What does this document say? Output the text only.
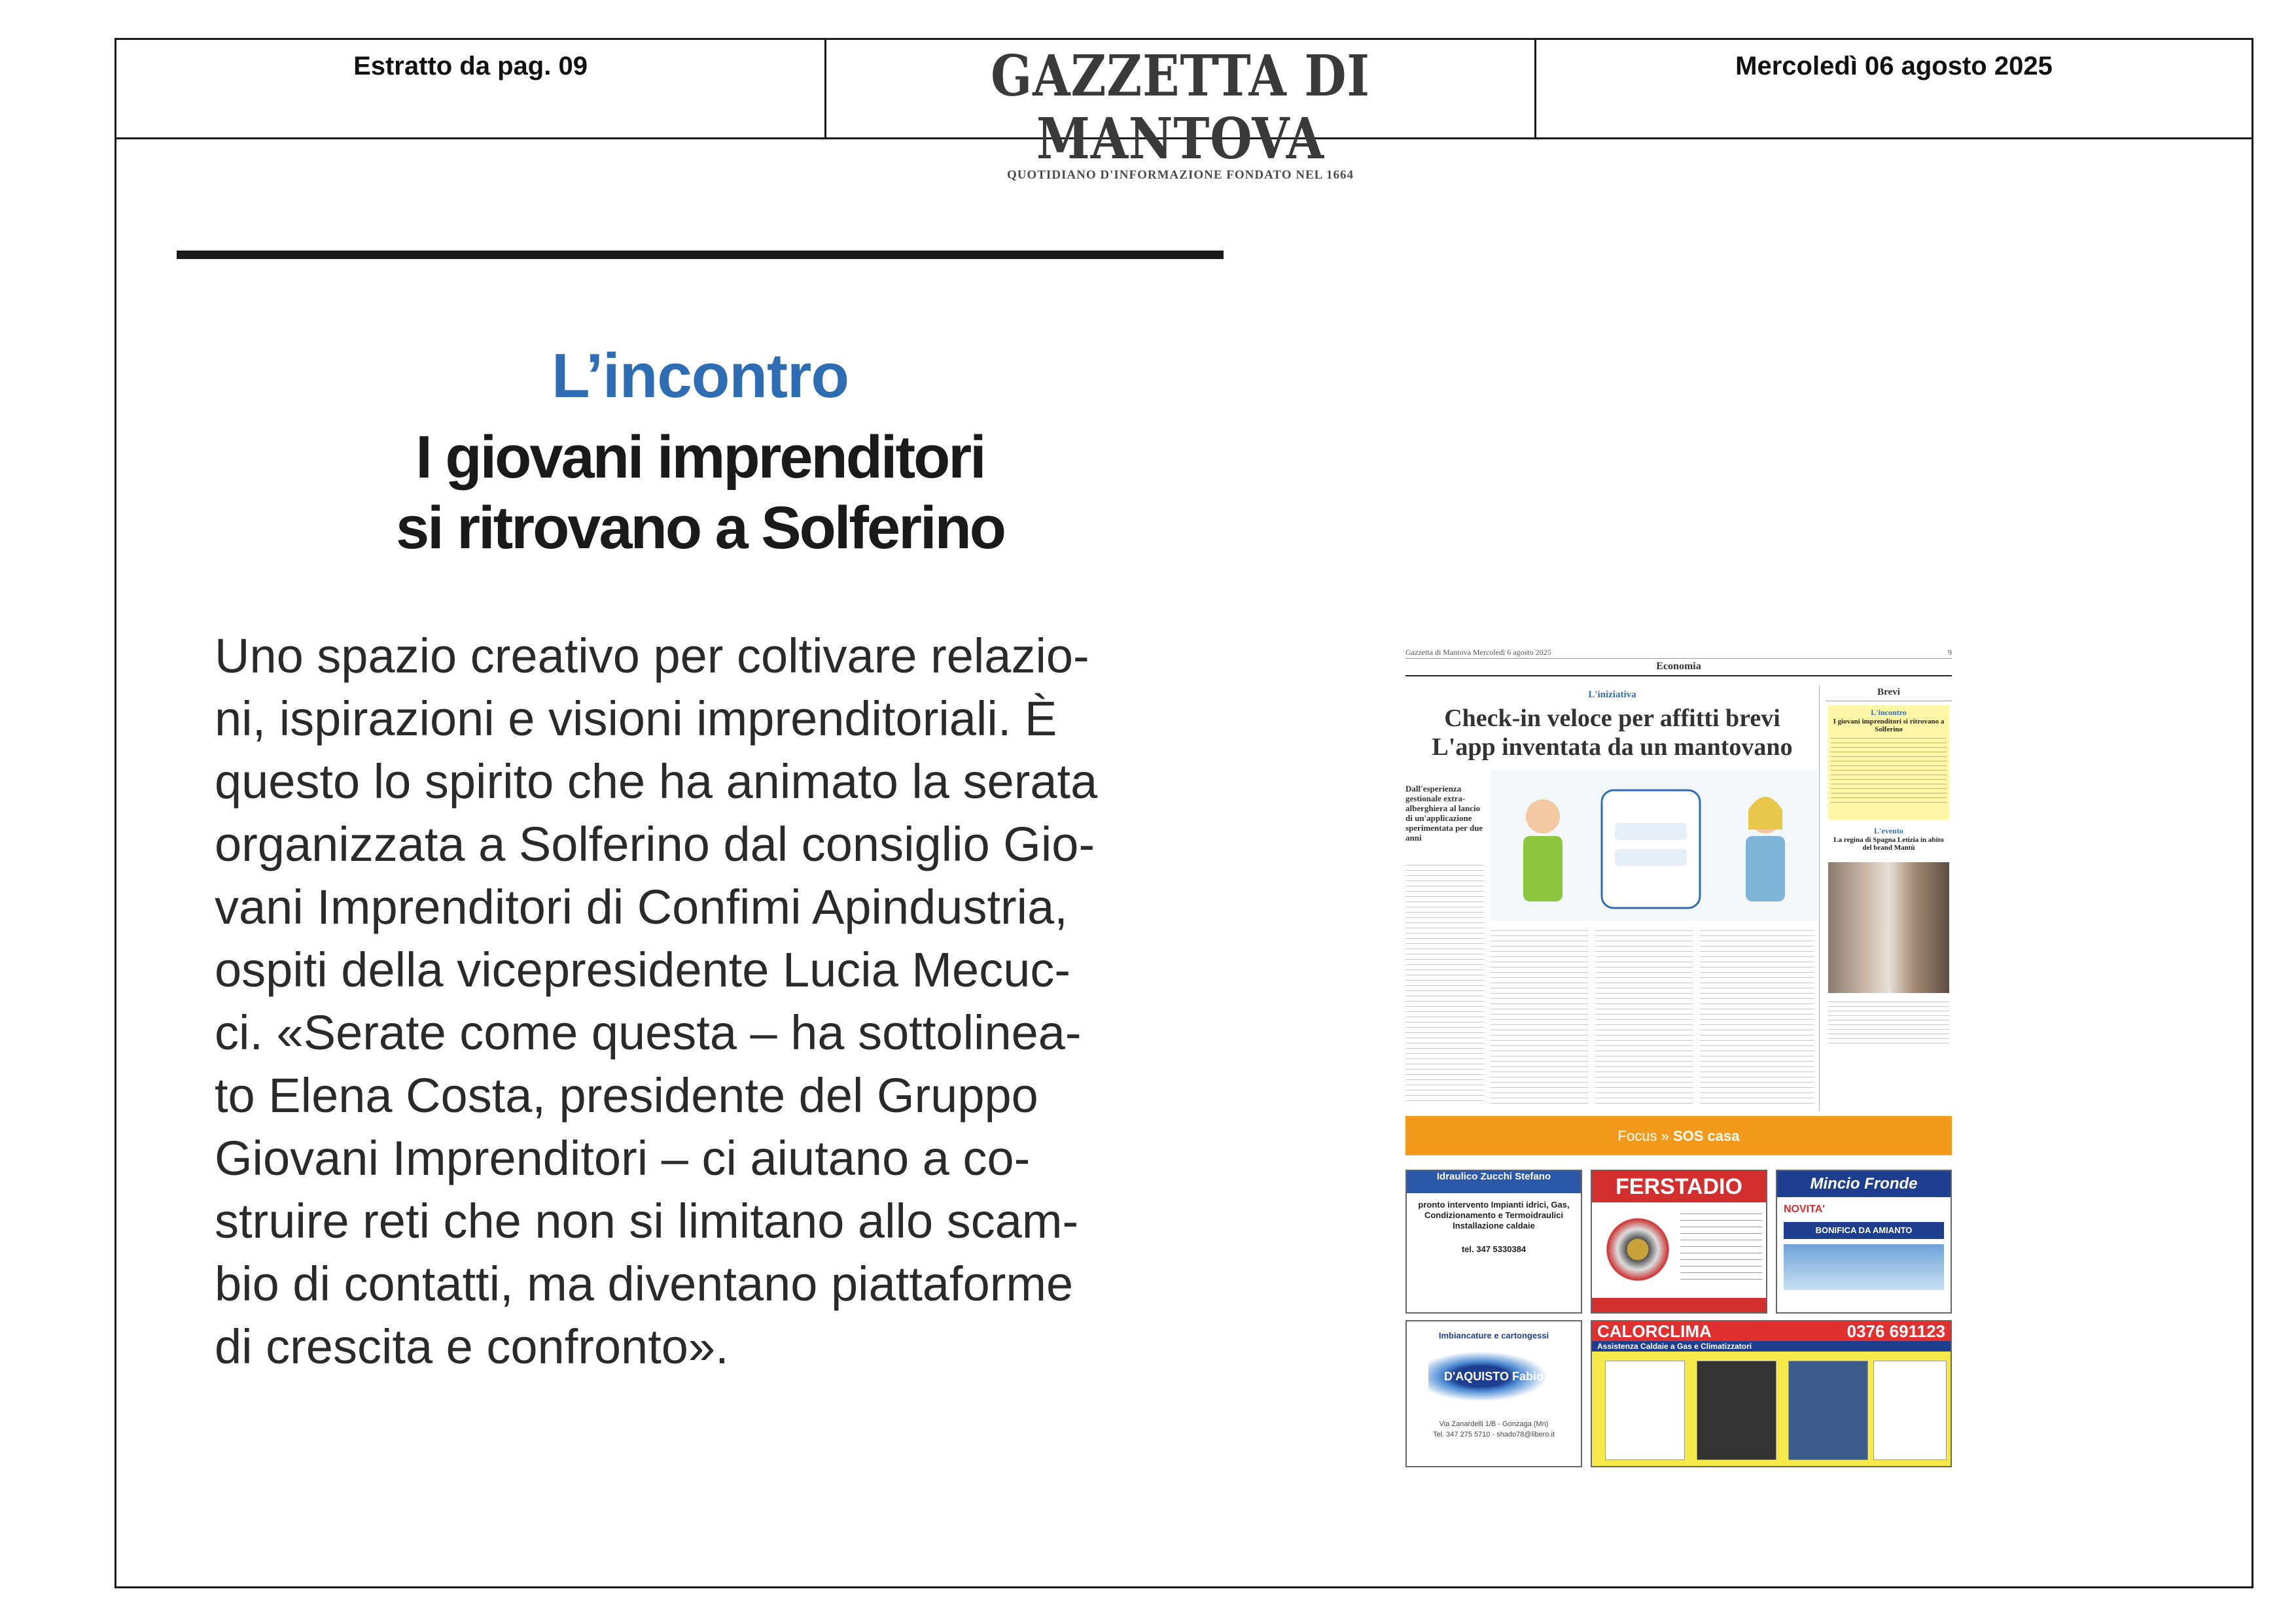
Estratto da pag. 09	GAZZETTA DI MANTOVA
QUOTIDIANO D'INFORMAZIONE FONDATO NEL 1664
Mercoledì 06 agosto 2025
L’incontro
I giovani imprenditori
si ritrovano a Solferino
Uno spazio creativo per coltivare relazio-
ni, ispirazioni e visioni imprenditoriali. È
questo lo spirito che ha animato la serata
organizzata a Solferino dal consiglio Gio-
vani Imprenditori di Confimi Apindustria,
ospiti della vicepresidente Lucia Mecuc-
ci. «Serate come questa – ha sottolinea-
to Elena Costa, presidente del Gruppo
Giovani Imprenditori – ci aiutano a co-
struire reti che non si limitano allo scam-
bio di contatti, ma diventano piattaforme
di crescita e confronto».
Gazzetta di Mantova Mercoledì 6 agosto 2025	9
Economia
L'iniziativa
Check-in veloce per affitti brevi
L'app inventata da un mantovano
Dall'esperienza gestionale extra-alberghiera al lancio di un'applicazione sperimentata per due anni
Brevi
L'incontro
I giovani imprenditori si ritrovano a Solferino
L'evento
La regina di Spagna Letizia in abito del brand Mantù
Focus » SOS casa
Idraulico Zucchi Stefano
pronto intervento Impianti idrici, Gas, Condizionamento e Termoidraulici Installazione caldaie
tel. 347 5330384
FERSTADIO	Mincio Fronde
NOVITA'
BONIFICA DA AMIANTO
Imbiancature e cartongessi
D'AQUISTO Fabio
Via Zanardelli 1/B - Gonzaga (Mn)
Tel. 347 275 5710 - shado78@libero.it
CALORCLIMA	0376 691123
Assistenza Caldaie a Gas e Climatizzatori
